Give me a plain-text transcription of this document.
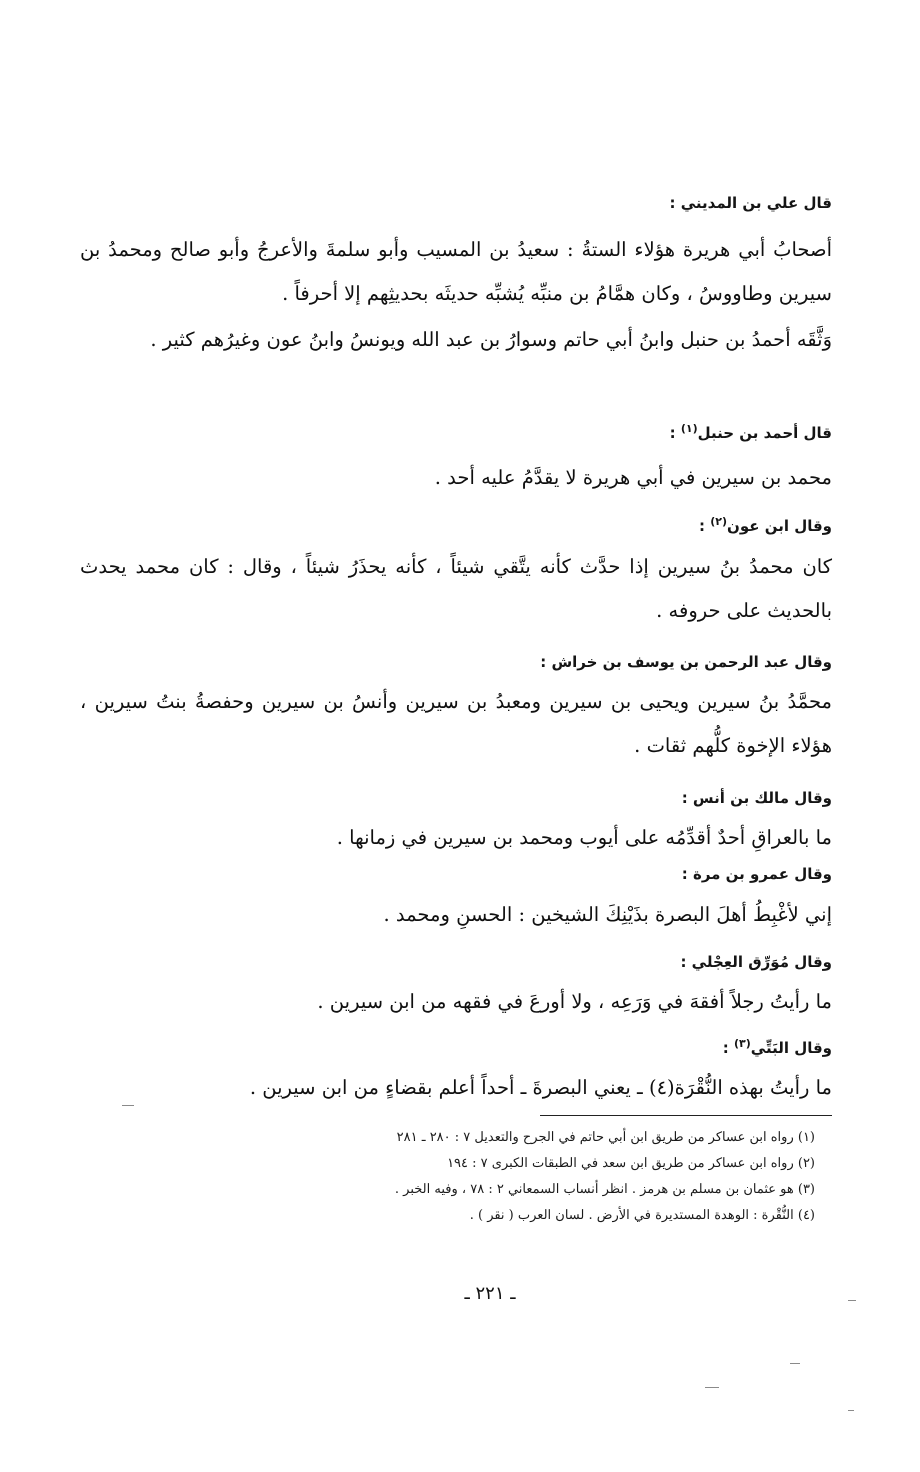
قال علي بن المديني :
أصحابُ أبي هريرة هؤلاء الستةُ : سعيدُ بن المسيب وأبو سلمةَ والأعرجُ وأبو صالح ومحمدُ بن سيرين وطاووسُ ، وكان همَّامُ بن منبِّه يُشبِّه حديثَه بحديثِهم إلا أحرفاً .
وَثَّقَه أحمدُ بن حنبل وابنُ أبي حاتم وسوارُ بن عبد الله ويونسُ وابنُ عون وغيرُهم كثير .
قال أحمد بن حنبل$^{(١)}$ :
محمد بن سيرين في أبي هريرة لا يقدَّمُ عليه أحد .
وقال ابن عون$^{(٢)}$ :
كان محمدُ بنُ سيرين إذا حدَّث كأنه يتَّقي شيئاً ، كأنه يحذَرُ شيئاً ، وقال : كان محمد يحدث بالحديث على حروفه .
وقال عبد الرحمن بن يوسف بن خراش :
محمَّدُ بنُ سيرين ويحيى بن سيرين ومعبدُ بن سيرين وأنسُ بن سيرين وحفصةُ بنتُ سيرين ، هؤلاء الإخوة كلُّهم ثقات .
وقال مالك بن أنس :
ما بالعراقِ أحدٌ أقدِّمُه على أيوب ومحمد بن سيرين في زمانها .
وقال عمرو بن مرة :
إني لأغْبِطُ أهلَ البصرة بذَيْنِكَ الشيخين : الحسنِ ومحمد .
وقال مُوَرِّق العِجْلي :
ما رأيتُ رجلاً أفقهَ في وَرَعِه ، ولا أورعَ في فقهه من ابن سيرين .
وقال البَتِّي$^{(٣)}$ :
ما رأيتُ بهذه النُّقْرَة(٤) ـ يعني البصرةَ ـ أحداً أعلم بقضاءٍ من ابن سيرين .
(١) رواه ابن عساكر من طريق ابن أبي حاتم في الجرح والتعديل ٧ : ٢٨٠ ـ ٢٨١
(٢) رواه ابن عساكر من طريق ابن سعد في الطبقات الكبرى ٧ : ١٩٤
(٣) هو عثمان بن مسلم بن هرمز . انظر أنساب السمعاني ٢ : ٧٨ ، وفيه الخبر .
(٤) النُّقْرة : الوهدة المستديرة في الأرض . لسان العرب ( نقر ) .
ـ ٢٢١ ـ
